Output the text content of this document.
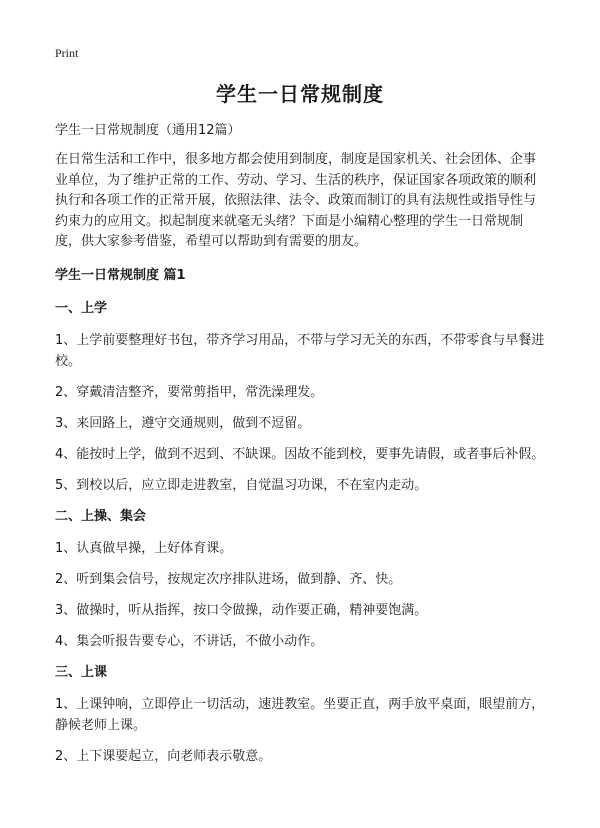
Print
学生一日常规制度

学生一日常规制度（通用12篇）

在日常生活和工作中，很多地方都会使用到制度，制度是国家机关、社会团体、企事业单位，为了维护正常的工作、劳动、学习、生活的秩序，保证国家各项政策的顺利执行和各项工作的正常开展，依照法律、法令、政策而制订的具有法规性或指导性与约束力的应用文。拟起制度来就毫无头绪？下面是小编精心整理的学生一日常规制度，供大家参考借鉴，希望可以帮助到有需要的朋友。

学生一日常规制度 篇1

一、上学

1、上学前要整理好书包，带齐学习用品，不带与学习无关的东西，不带零食与早餐进校。

2、穿戴清洁整齐，要常剪指甲，常洗澡理发。

3、来回路上，遵守交通规则，做到不逗留。

4、能按时上学，做到不迟到、不缺课。因故不能到校，要事先请假，或者事后补假。

5、到校以后，应立即走进教室，自觉温习功课，不在室内走动。

二、上操、集会

1、认真做早操，上好体育课。

2、听到集会信号，按规定次序排队进场，做到静、齐、快。

3、做操时，听从指挥，按口令做操，动作要正确，精神要饱满。

4、集会听报告要专心，不讲话，不做小动作。

三、上课

1、上课钟响，立即停止一切活动，速进教室。坐要正直，两手放平桌面，眼望前方，静候老师上课。

2、上下课要起立，向老师表示敬意。
